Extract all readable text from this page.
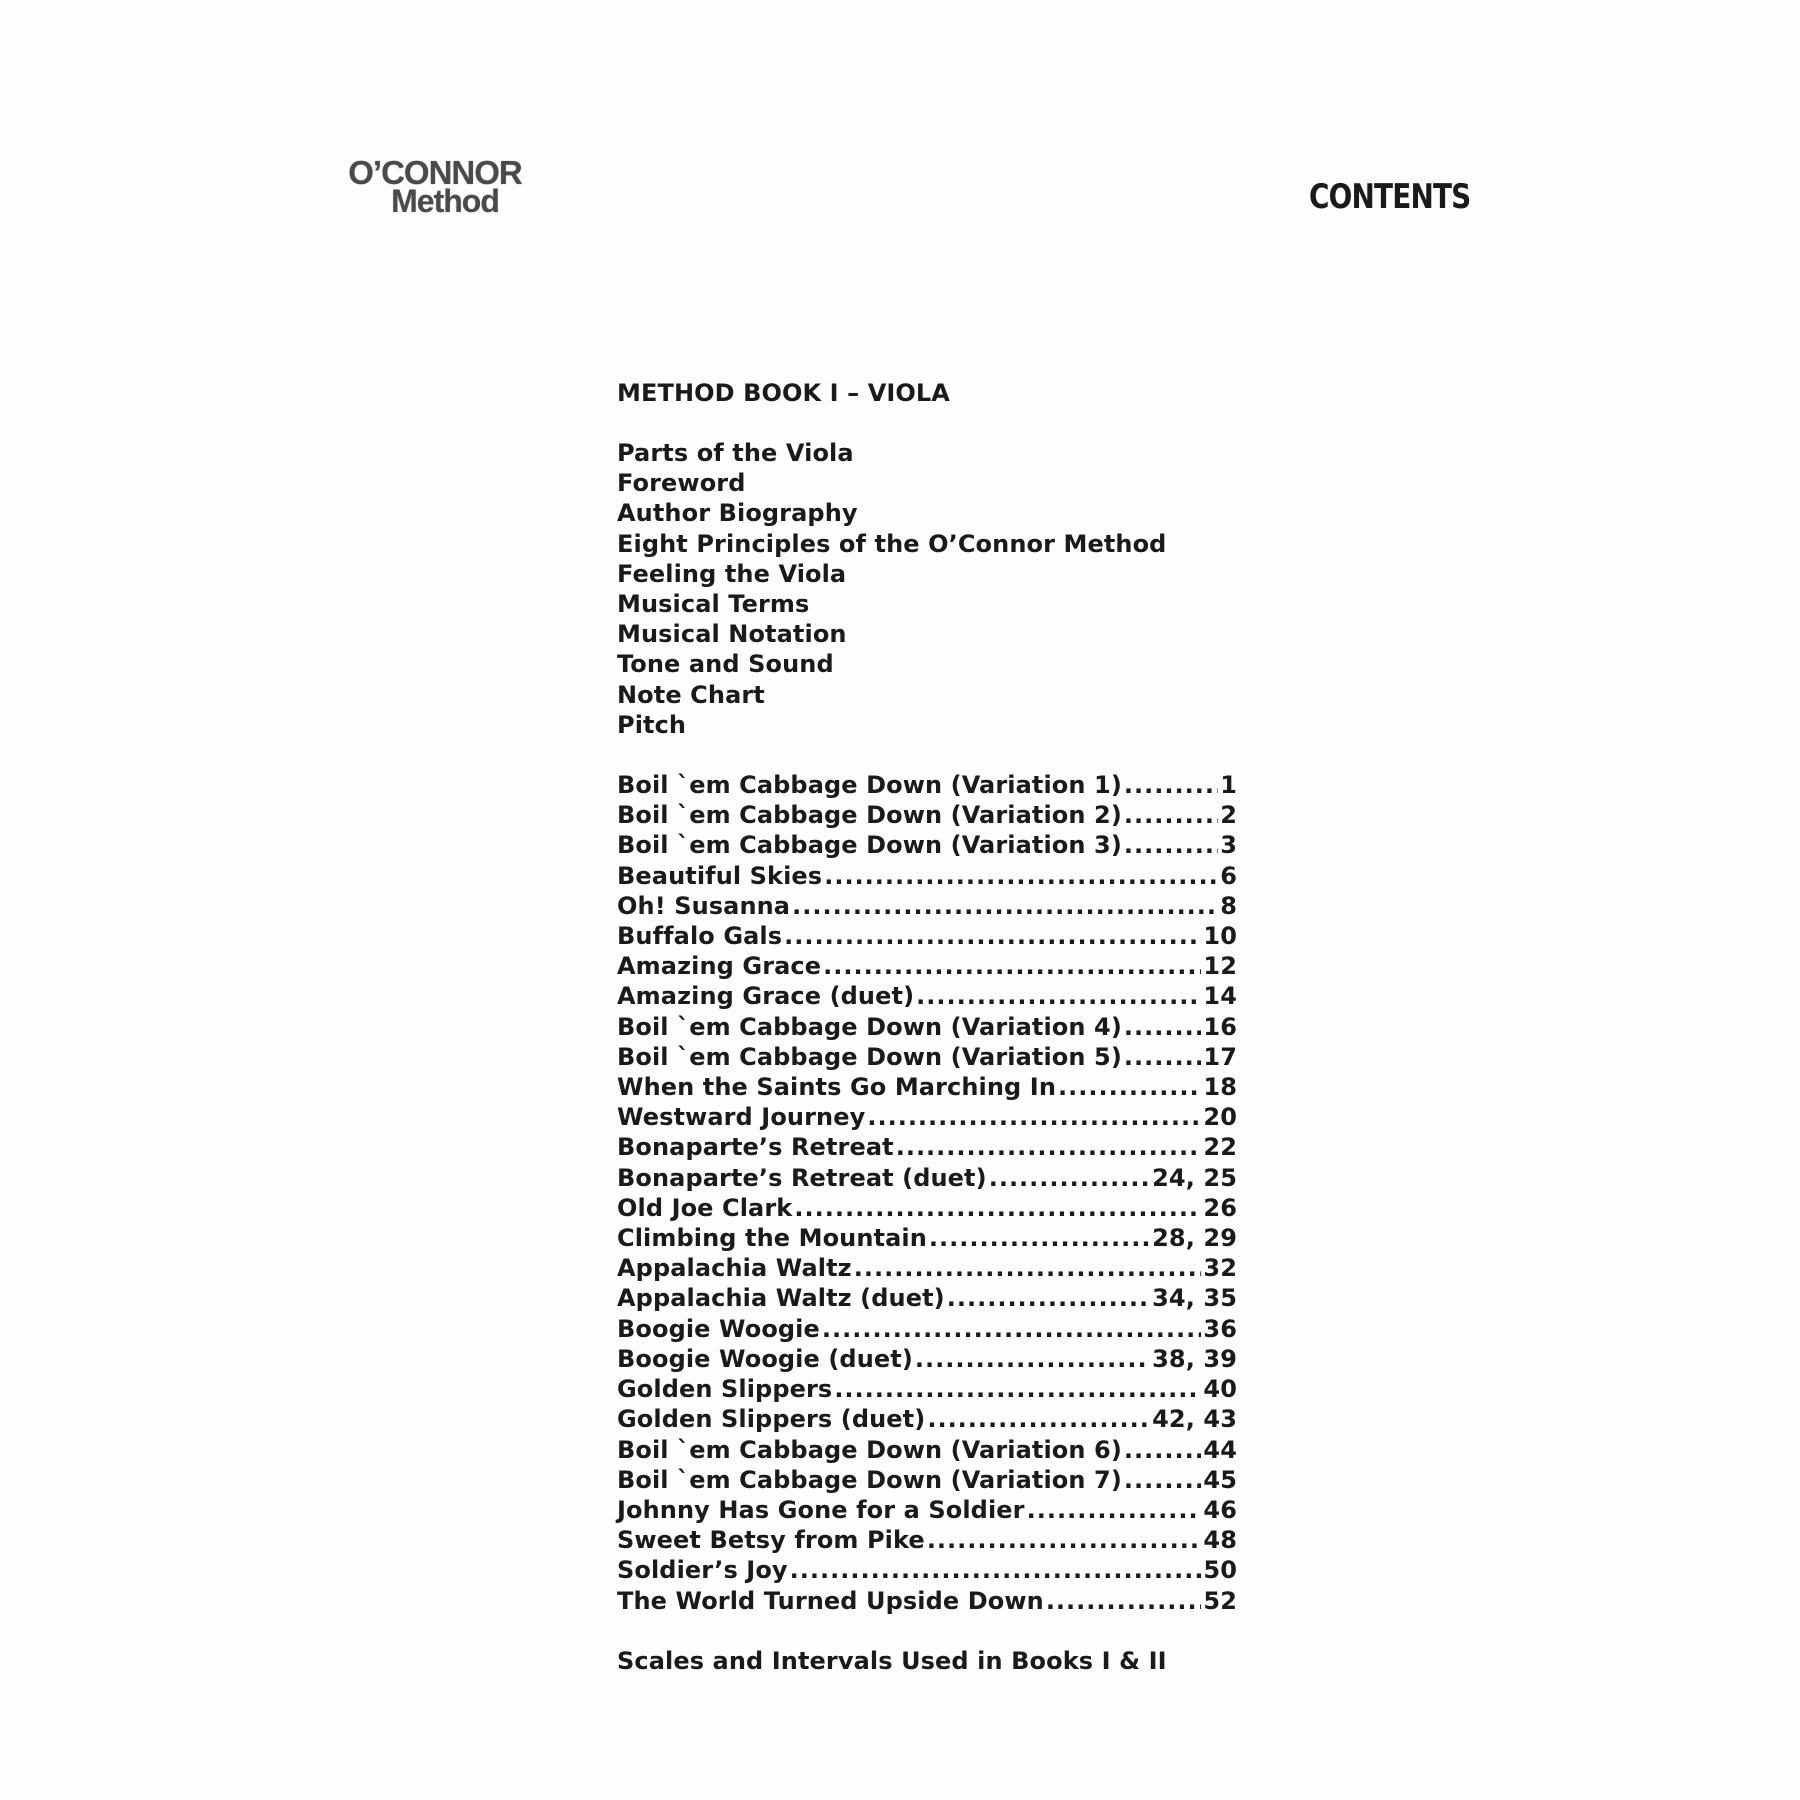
O’CONNOR
Method	CONTENTS
METHOD BOOK I – VIOLA
Parts of the Viola
Foreword
Author Biography
Eight Principles of the O’Connor Method
Feeling the Viola
Musical Terms
Musical Notation
Tone and Sound
Note Chart
Pitch
Boil `em Cabbage Down (Variation 1) .....	1
Boil `em Cabbage Down (Variation 2) .....	2
Boil `em Cabbage Down (Variation 3) .....	3
Beautiful Skies .....	6
Oh! Susanna .....	8
Buffalo Gals .....	10
Amazing Grace .....	12
Amazing Grace (duet) .....	14
Boil `em Cabbage Down (Variation 4) .....	16
Boil `em Cabbage Down (Variation 5) .....	17
When the Saints Go Marching In .....	18
Westward Journey .....	20
Bonaparte’s Retreat .....	22
Bonaparte’s Retreat (duet) .....	24, 25
Old Joe Clark .....	26
Climbing the Mountain .....	28, 29
Appalachia Waltz .....	32
Appalachia Waltz (duet) .....	34, 35
Boogie Woogie .....	36
Boogie Woogie (duet) .....	38, 39
Golden Slippers .....	40
Golden Slippers (duet) .....	42, 43
Boil `em Cabbage Down (Variation 6) .....	44
Boil `em Cabbage Down (Variation 7) .....	45
Johnny Has Gone for a Soldier .....	46
Sweet Betsy from Pike .....	48
Soldier’s Joy .....	50
The World Turned Upside Down .....	52

Scales and Intervals Used in Books I & II
